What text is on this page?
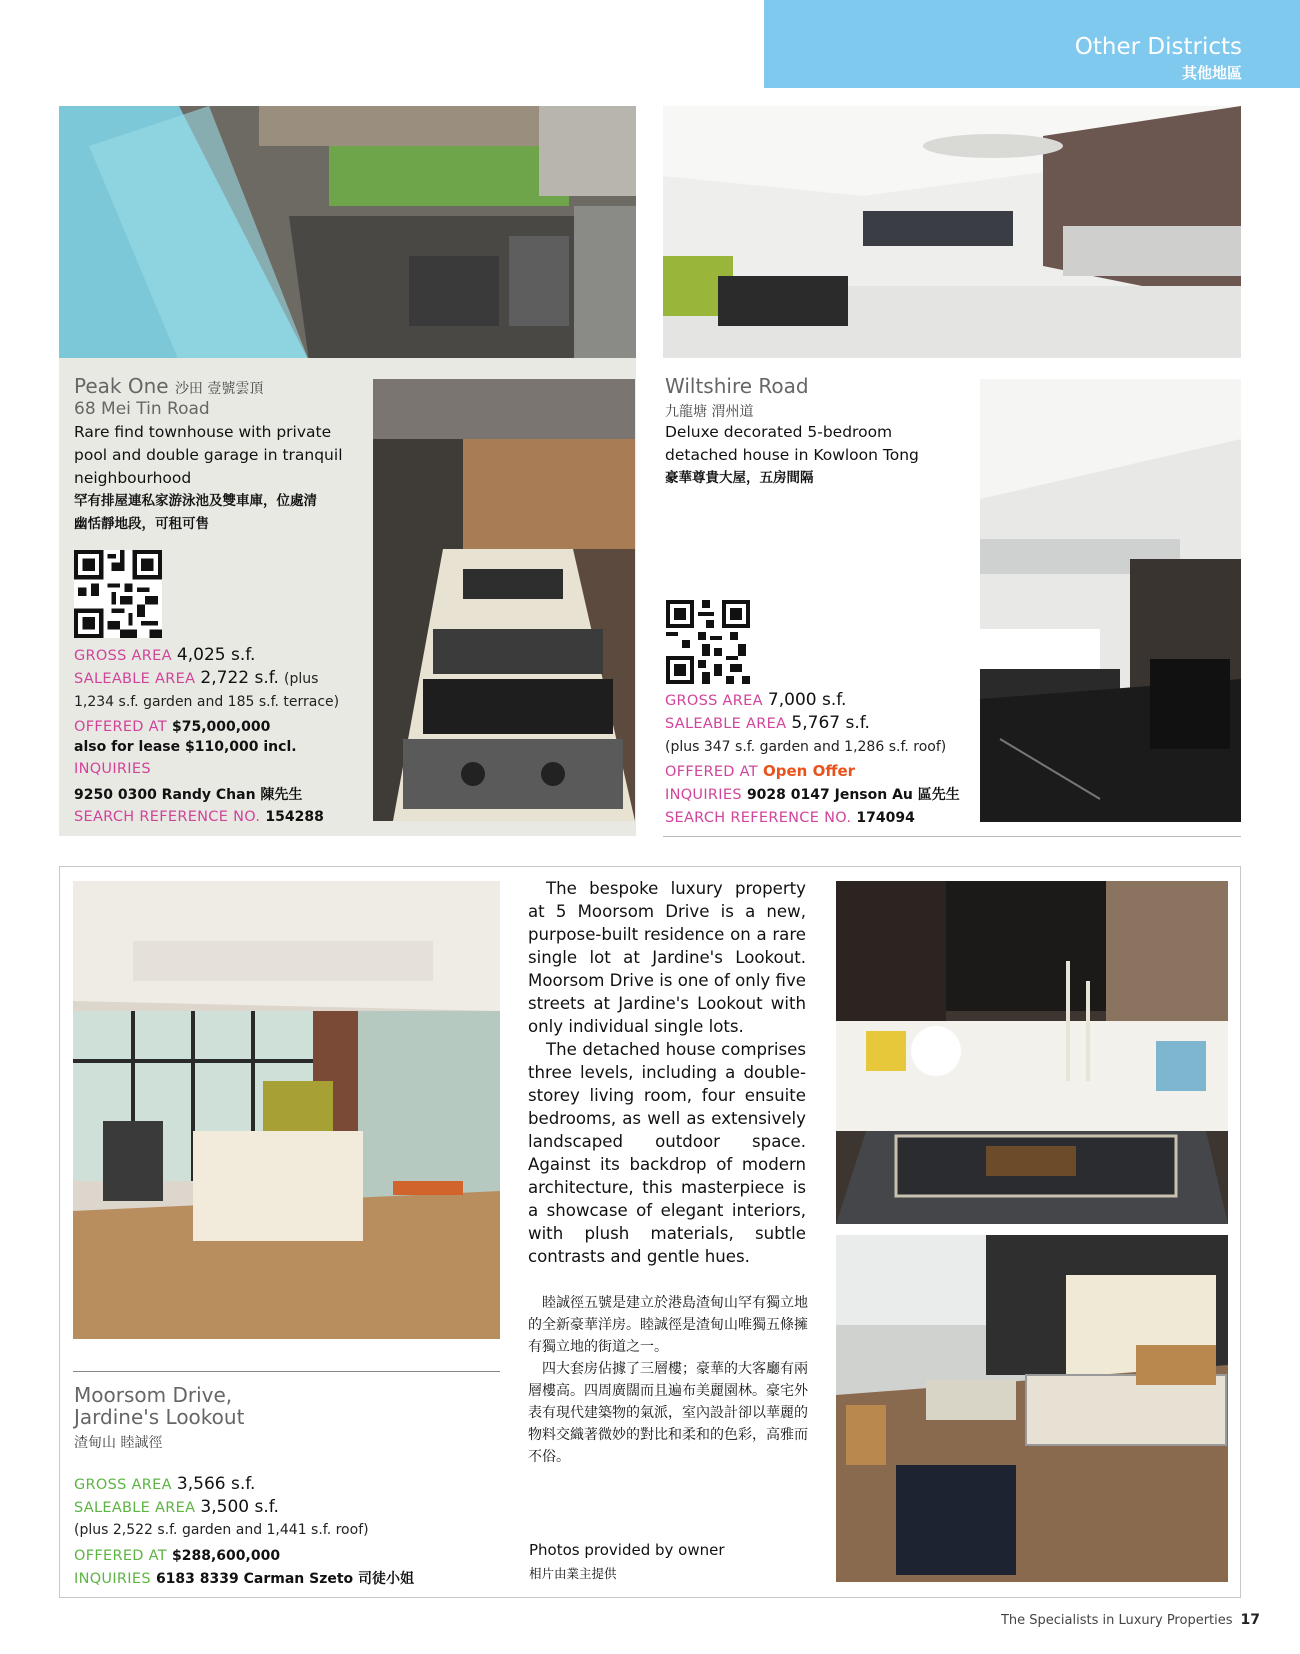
Other Districts
其他地區
Peak One 沙田 壹號雲頂
68 Mei Tin Road
Rare find townhouse with private
pool and double garage in tranquil
neighbourhood
罕有排屋連私家游泳池及雙車庫，位處清
幽恬靜地段，可租可售
GROSS AREA 4,025 s.f.
SALEABLE AREA 2,722 s.f. (plus
1,234 s.f. garden and 185 s.f. terrace)
OFFERED AT $75,000,000
also for lease $110,000 incl.
INQUIRIES
9250 0300 Randy Chan 陳先生
SEARCH REFERENCE NO. 154288
Wiltshire Road
九龍塘 渭州道
Deluxe decorated 5-bedroom
detached house in Kowloon Tong
豪華尊貴大屋，五房間隔
GROSS AREA 7,000 s.f.
SALEABLE AREA 5,767 s.f.
(plus 347 s.f. garden and 1,286 s.f. roof)
OFFERED AT Open Offer
INQUIRIES 9028 0147 Jenson Au 區先生
SEARCH REFERENCE NO. 174094
Moorsom Drive,
Jardine's Lookout
渣甸山 睦誠徑
GROSS AREA 3,566 s.f.
SALEABLE AREA 3,500 s.f.
(plus 2,522 s.f. garden and 1,441 s.f. roof)
OFFERED AT $288,600,000
INQUIRIES 6183 8339 Carman Szeto 司徒小姐

The bespoke luxury property at 5 Moorsom Drive is a new, purpose-built residence on a rare single lot at Jardine's Lookout. Moorsom Drive is one of only five streets at Jardine's Lookout with only individual single lots.

The detached house comprises three levels, including a double-storey living room, four ensuite bedrooms, as well as extensively landscaped outdoor space. Against its backdrop of modern architecture, this masterpiece is a showcase of elegant interiors, with plush materials, subtle contrasts and gentle hues.

睦誠徑五號是建立於港島渣甸山罕有獨立地的全新豪華洋房。睦誠徑是渣甸山唯獨五條擁有獨立地的街道之一。

四大套房佔據了三層樓；豪華的大客廳有兩層樓高。四周廣闊而且遍布美麗園林。豪宅外表有現代建築物的氣派，室內設計卻以華麗的物料交織著微妙的對比和柔和的色彩，高雅而不俗。

Photos provided by owner
相片由業主提供
The Specialists in Luxury Properties 17
